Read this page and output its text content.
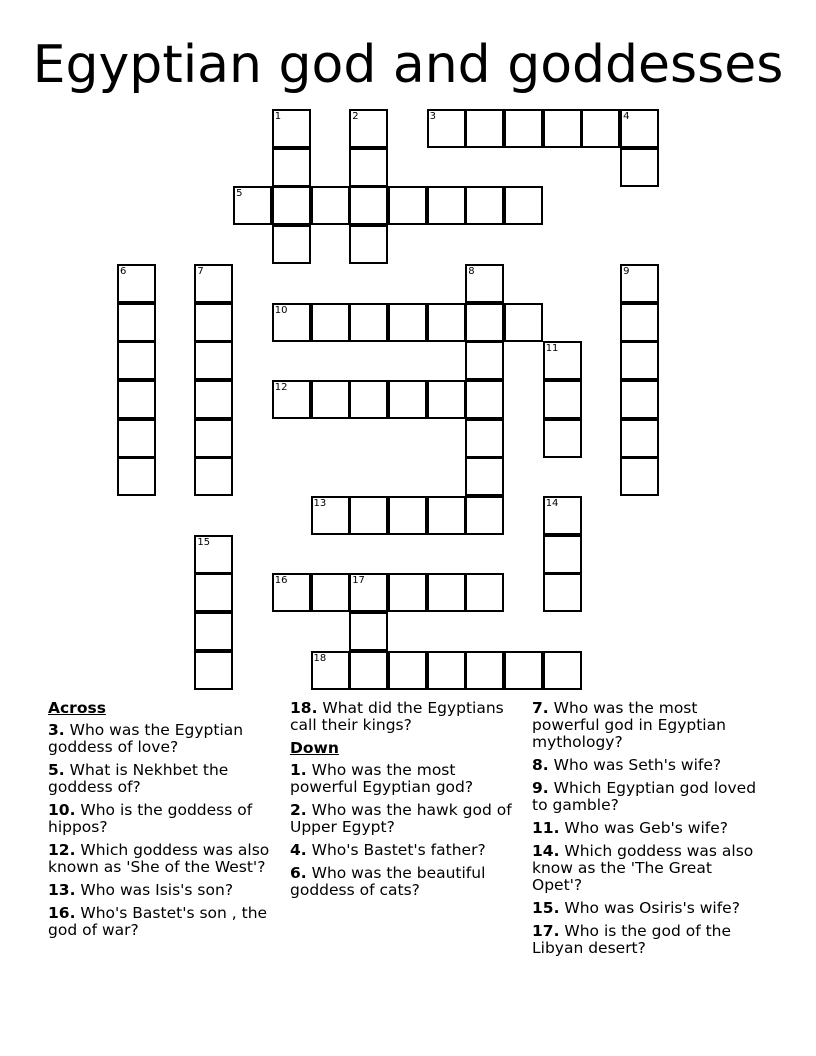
Egyptian god and goddesses
1	2	3	4
5
6	7	8	9
10
11
12
13	14
15
16	17
18
Across
3. Who was the Egyptian goddess of love?
5. What is Nekhbet the goddess of?
10. Who is the goddess of hippos?
12. Which goddess was also known as 'She of the West'?
13. Who was Isis's son?
16. Who's Bastet's son , the god of war?
18. What did the Egyptians call their kings?
Down
1. Who was the most powerful Egyptian god?
2. Who was the hawk god of Upper Egypt?
4. Who's Bastet's father?
6. Who was the beautiful goddess of cats?
7. Who was the most powerful god in Egyptian mythology?
8. Who was Seth's wife?
9. Which Egyptian god loved to gamble?
11. Who was Geb's wife?
14. Which goddess was also know as the 'The Great Opet'?
15. Who was Osiris's wife?
17. Who is the god of the Libyan desert?
